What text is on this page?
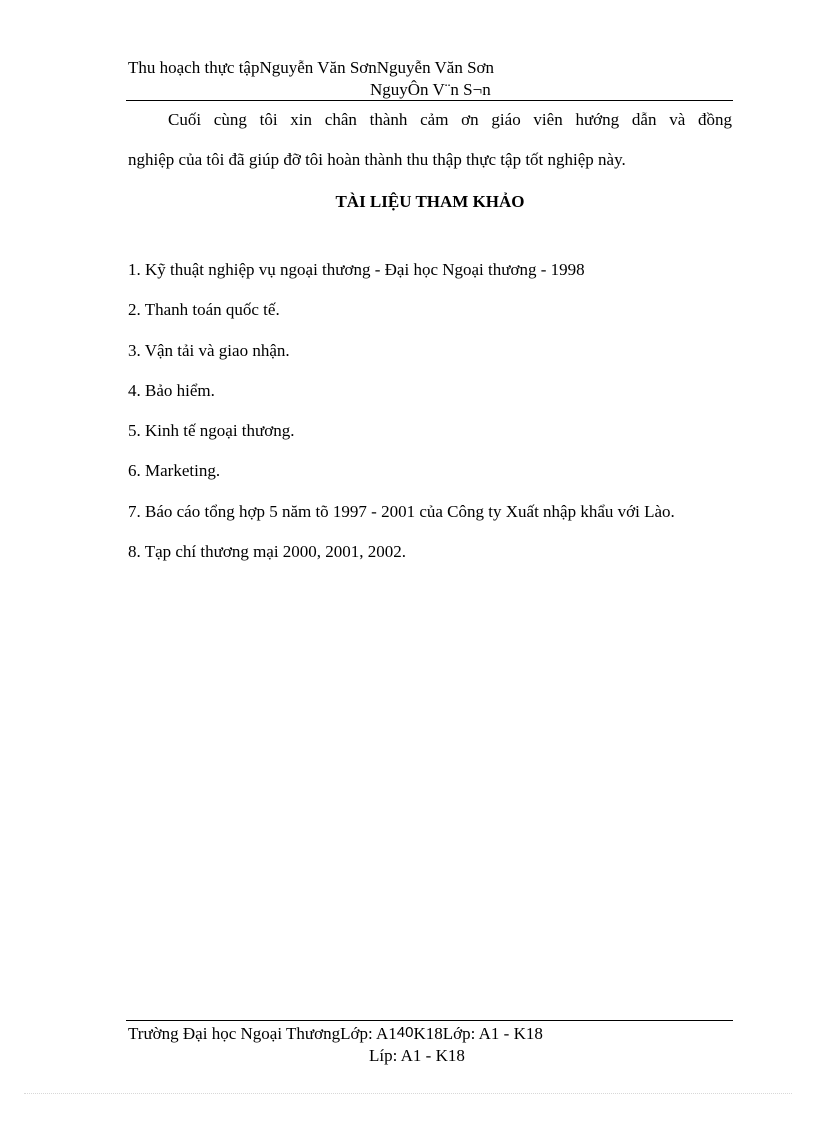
Thu hoạch thực tậpNguyễn Văn SơnNguyễn Văn Sơn
NguyÔn V¨n S¬n
Cuối cùng tôi xin chân thành cảm ơn giáo viên hướng dẫn và đồng
nghiệp của tôi đã giúp đỡ tôi hoàn thành thu thập thực tập tốt nghiệp này.
TÀI LIỆU THAM KHẢO
1. Kỹ thuật nghiệp vụ ngoại thương - Đại học Ngoại thương - 1998
2. Thanh toán quốc tế.
3. Vận tải và giao nhận.
4. Bảo hiểm.
5. Kinh tế ngoại thương.
6. Marketing.
7. Báo cáo tổng hợp 5 năm tõ 1997 - 2001 của Công ty Xuất nhập khẩu với Lào.
8. Tạp chí thương mại 2000, 2001, 2002.
Trường Đại học Ngoại ThươngLớp: A140K18Lớp: A1 - K18
Líp: A1 - K18
